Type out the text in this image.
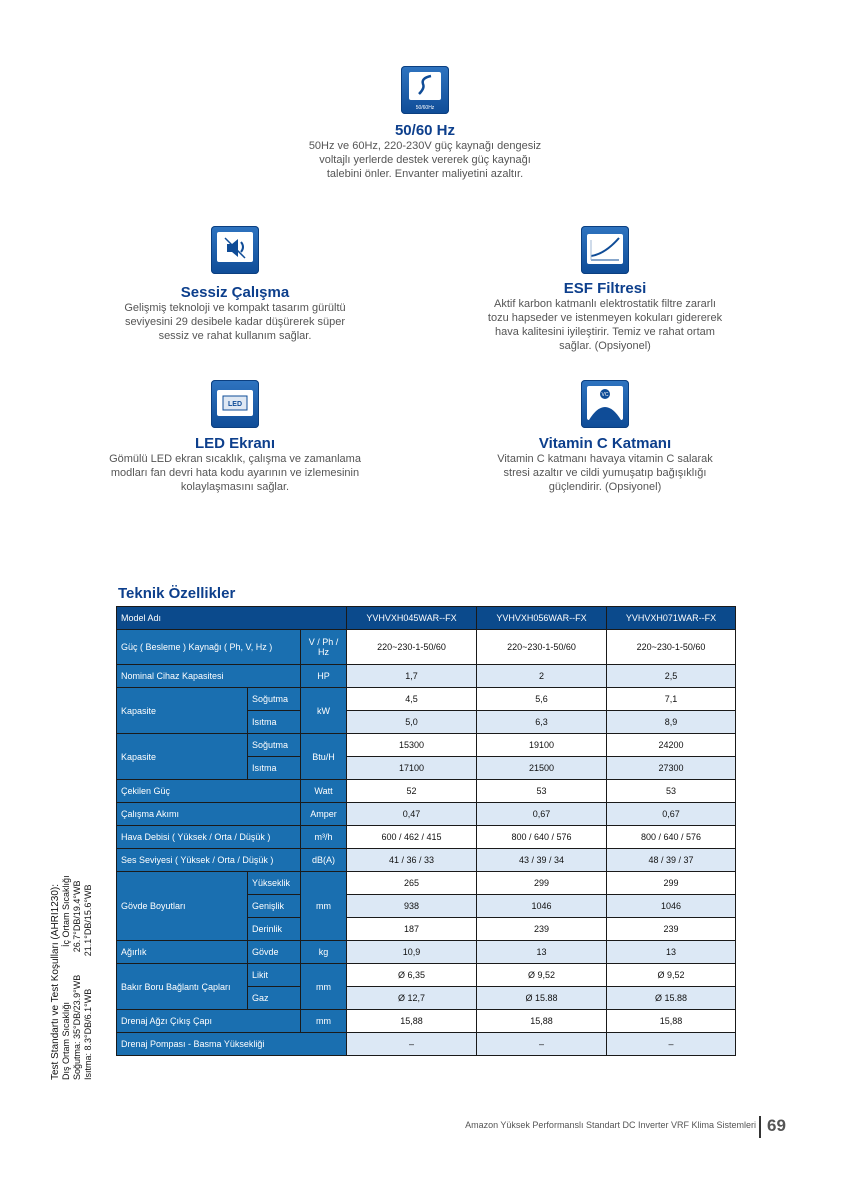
50/60Hz
50/60 Hz

50Hz ve 60Hz, 220-230V güç kaynağı dengesiz
voltajlı yerlerde destek vererek güç kaynağı
talebini önler. Envanter maliyetini azaltır.

Sessiz Çalışma

Gelişmiş teknoloji ve kompakt tasarım gürültü
seviyesini 29 desibele kadar düşürerek süper
sessiz ve rahat kullanım sağlar.

ESF Filtresi

Aktif karbon katmanlı elektrostatik filtre zararlı
tozu hapseder ve istenmeyen kokuları gidererek
hava kalitesini iyileştirir. Temiz ve rahat ortam
sağlar. (Opsiyonel)

LED
LED Ekranı

Gömülü LED ekran sıcaklık, çalışma ve zamanlama
modları fan devri hata kodu ayarının ve izlemesinin
kolaylaşmasını sağlar.

VC
Vitamin C Katmanı

Vitamin C katmanı havaya vitamin C salarak
stresi azaltır ve cildi yumuşatıp bağışıklığı
güçlendirir. (Opsiyonel)

Teknik Özellikler
Model Adı			YVHVXH045WAR--FX	YVHVXH056WAR--FX	YVHVXH071WAR--FX
Güç ( Besleme ) Kaynağı ( Ph, V, Hz )		V / Ph / Hz	220~230-1-50/60	220~230-1-50/60	220~230-1-50/60
Nominal Cihaz Kapasitesi		HP	1,7	2	2,5
Kapasite	Soğutma	kW	4,5	5,6	7,1
	Isıtma		5,0	6,3	8,9
Kapasite	Soğutma	Btu/H	15300	19100	24200
	Isıtma		17100	21500	27300
Çekilen Güç		Watt	52	53	53
Çalışma Akımı		Amper	0,47	0,67	0,67
Hava Debisi ( Yüksek / Orta / Düşük )		m³/h	600 / 462 / 415	800 / 640 / 576	800 / 640 / 576
Ses Seviyesi ( Yüksek / Orta / Düşük )		dB(A)	41 / 36 / 33	43 / 39 / 34	48 / 39 / 37
Gövde Boyutları	Yükseklik	mm	265	299	299
	Genişlik		938	1046	1046
	Derinlik		187	239	239
Ağırlık	Gövde	kg	10,9	13	13
Bakır Boru Bağlantı Çapları	Likit	mm	Ø 6,35	Ø 9,52	Ø 9,52
	Gaz		Ø 12,7	Ø 15.88	Ø 15.88
Drenaj Ağzı Çıkış Çapı		mm	15,88	15,88	15,88
Drenaj Pompası - Basma Yüksekliği			–	–	–
Test Standartı ve Test Koşulları (AHRI1230): Dış Ortam Sıcaklığı                      İç Ortam Sıcaklığı
Soğutma: 35°DB/23.9°WB         26.7°DB/19.4°WB
Isıtma: 8.3°DB/6.1°WB             21.1°DB/15.6°WB
Amazon Yüksek Performanslı Standart DC Inverter VRF Klima Sistemleri 69
